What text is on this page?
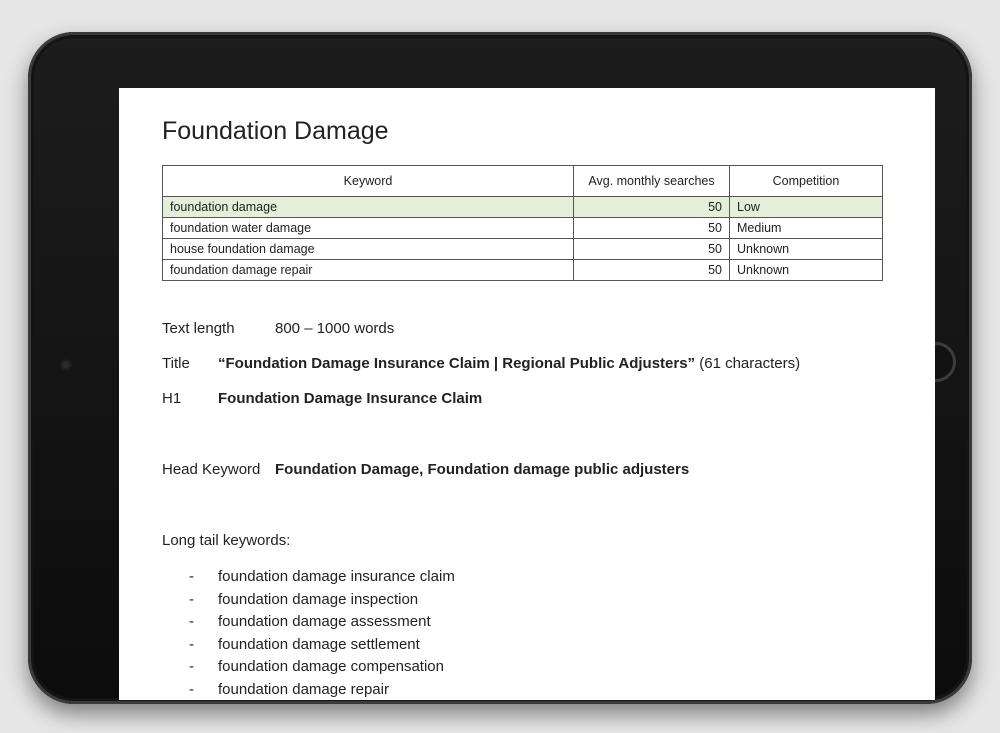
Foundation Damage
Keyword	Avg. monthly searches	Competition
foundation damage	50	Low
foundation water damage	50	Medium
house foundation damage	50	Unknown
foundation damage repair	50	Unknown
Text length	800 – 1000 words
Title “Foundation Damage Insurance Claim | Regional Public Adjusters” (61 characters)
H1 Foundation Damage Insurance Claim
Head Keyword Foundation Damage, Foundation damage public adjusters
Long tail keywords:
- foundation damage insurance claim
- foundation damage inspection
- foundation damage assessment
- foundation damage settlement
- foundation damage compensation
- foundation damage repair
